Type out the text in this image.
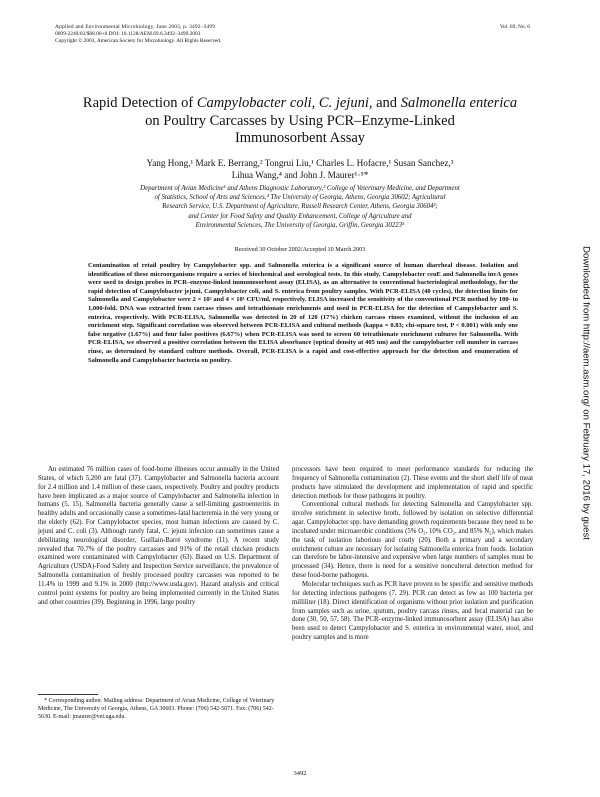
Applied and Environmental Microbiology, June 2003, p. 3492–3499
0099-2240/03/$08.00+0 DOI: 10.1128/AEM.69.6.3492–3499.2003
Copyright © 2003, American Society for Microbiology. All Rights Reserved.
Vol. 69, No. 6
Rapid Detection of Campylobacter coli, C. jejuni, and Salmonella enterica
on Poultry Carcasses by Using PCR–Enzyme-Linked
Immunosorbent Assay
Yang Hong,¹ Mark E. Berrang,² Tongrui Liu,¹ Charles L. Hofacre,¹ Susan Sanchez,³
Lihua Wang,⁴ and John J. Maurer¹·⁵*
Department of Avian Medicine¹ and Athens Diagnostic Laboratory,³ College of Veterinary Medicine, and Department
of Statistics, School of Arts and Sciences,⁴ The University of Georgia, Athens, Georgia 30602; Agricultural
Research Service, U.S. Department of Agriculture, Russell Research Center, Athens, Georgia 30604²;
and Center for Food Safety and Quality Enhancement, College of Agriculture and
Environmental Sciences, The University of Georgia, Griffin, Georgia 30223⁵
Received 30 October 2002/Accepted 10 March 2003
Contamination of retail poultry by Campylobacter spp. and Salmonella enterica is a significant source of human diarrheal disease. Isolation and identification of these microorganisms require a series of biochemical and serological tests. In this study, Campylobacter ceuE and Salmonella invA genes were used to design probes in PCR–enzyme-linked immunosorbent assay (ELISA), as an alternative to conventional bacteriological methodology, for the rapid detection of Campylobacter jejuni, Campylobacter coli, and S. enterica from poultry samples. With PCR-ELISA (40 cycles), the detection limits for Salmonella and Campylobacter were 2 × 10² and 4 × 10¹ CFU/ml, respectively. ELISA increased the sensitivity of the conventional PCR method by 100- to 1,000-fold. DNA was extracted from carcass rinses and tetrathionate enrichments and used in PCR-ELISA for the detection of Campylobacter and S. enterica, respectively. With PCR-ELISA, Salmonella was detected in 20 of 120 (17%) chicken carcass rinses examined, without the inclusion of an enrichment step. Significant correlation was observed between PCR-ELISA and cultural methods (kappa = 0.83; chi-square test, P < 0.001) with only one false negative (1.67%) and four false positives (6.67%) when PCR-ELISA was used to screen 60 tetrathionate enrichment cultures for Salmonella. With PCR-ELISA, we observed a positive correlation between the ELISA absorbance (optical density at 405 nm) and the campylobacter cell number in carcass rinse, as determined by standard culture methods. Overall, PCR-ELISA is a rapid and cost-effective approach for the detection and enumeration of Salmonella and Campylobacter bacteria on poultry.

An estimated 76 million cases of food-borne illnesses occur annually in the United States, of which 5,200 are fatal (37). Campylobacter and Salmonella bacteria account for 2.4 million and 1.4 million of these cases, respectively. Poultry and poultry products have been implicated as a major source of Campylobacter and Salmonella infection in humans (5, 15). Salmonella bacteria generally cause a self-limiting gastroenteritis in healthy adults and occasionally cause a sometimes-fatal bacteremia in the very young or the elderly (62). For Campylobacter species, most human infections are caused by C. jejuni and C. coli (3). Although rarely fatal, C. jejuni infection can sometimes cause a debilitating neurological disorder, Guillain-Barré syndrome (11). A recent study revealed that 70.7% of the poultry carcasses and 91% of the retail chicken products examined were contaminated with Campylobacter (63). Based on U.S. Department of Agriculture (USDA)-Food Safety and Inspection Service surveillance, the prevalence of Salmonella contamination of freshly processed poultry carcasses was reported to be 11.4% in 1999 and 9.1% in 2000 (http://www.usda.gov). Hazard analysis and critical control point systems for poultry are being implemented currently in the United States and other countries (39). Beginning in 1996, large poultry

* Corresponding author. Mailing address: Department of Avian Medicine, College of Veterinary Medicine, The University of Georgia, Athens, GA 30603. Phone: (706) 542-5071. Fax: (706) 542-5630. E-mail: jmaurer@vet.uga.edu.

processors have been required to meet performance standards for reducing the frequency of Salmonella contamination (2). These events and the short shelf life of meat products have stimulated the development and implementation of rapid and specific detection methods for those pathogens in poultry.

Conventional cultural methods for detecting Salmonella and Campylobacter spp. involve enrichment in selective broth, followed by isolation on selective differential agar. Campylobacter spp. have demanding growth requirements because they need to be incubated under microaerobic conditions (5% O₂, 10% CO₂, and 85% N₂), which makes the task of isolation laborious and costly (20). Both a primary and a secondary enrichment culture are necessary for isolating Salmonella enterica from foods. Isolation can therefore be labor-intensive and expensive when large numbers of samples must be processed (34). Hence, there is need for a sensitive nonculteral detection method for these food-borne pathogens.

Molecular techniques such as PCR have proven to be specific and sensitive methods for detecting infectious pathogens (7, 29). PCR can detect as few as 100 bacteria per milliliter (18). Direct identification of organisms without prior isolation and purification from samples such as urine, sputum, poultry carcass rinses, and fecal material can be done (30, 50, 57, 58). The PCR–enzyme-linked immunosorbent assay (ELISA) has also been used to detect Campylobacter and S. enterica in environmental water, stool, and poultry samples and is more

3492
Downloaded from http://aem.asm.org/ on February 17, 2016 by guest
